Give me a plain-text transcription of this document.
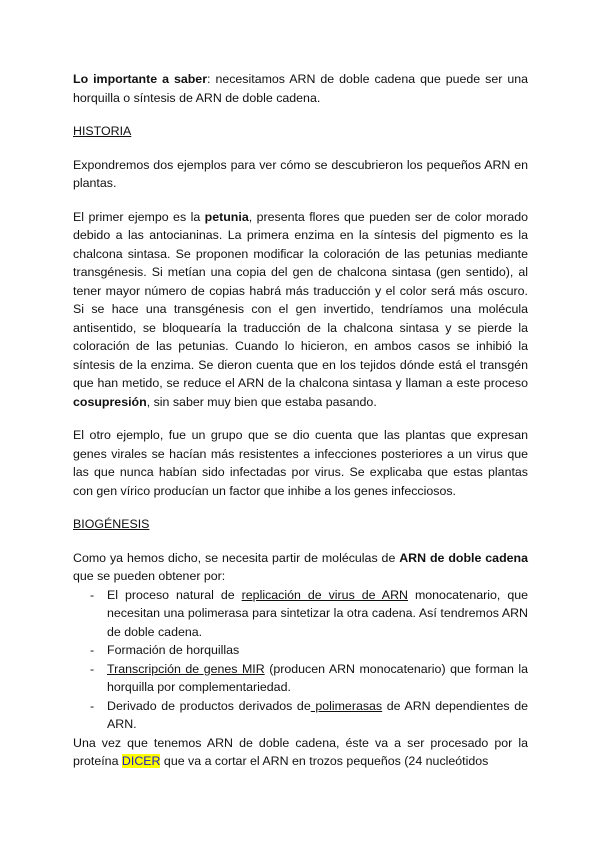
Lo importante a saber: necesitamos ARN de doble cadena que puede ser una horquilla o síntesis de ARN de doble cadena.

HISTORIA

Expondremos dos ejemplos para ver cómo se descubrieron los pequeños ARN en plantas.

El primer ejempo es la petunia, presenta flores que pueden ser de color morado debido a las antocianinas. La primera enzima en la síntesis del pigmento es la chalcona sintasa. Se proponen modificar la coloración de las petunias mediante transgénesis. Si metían una copia del gen de chalcona sintasa (gen sentido), al tener mayor número de copias habrá más traducción y el color será más oscuro. Si se hace una transgénesis con el gen invertido, tendríamos una molécula antisentido, se bloquearía la traducción de la chalcona sintasa y se pierde la coloración de las petunias. Cuando lo hicieron, en ambos casos se inhibió la síntesis de la enzima. Se dieron cuenta que en los tejidos dónde está el transgén que han metido, se reduce el ARN de la chalcona sintasa y llaman a este proceso cosupresión, sin saber muy bien que estaba pasando.

El otro ejemplo, fue un grupo que se dio cuenta que las plantas que expresan genes virales se hacían más resistentes a infecciones posteriores a un virus que las que nunca habían sido infectadas por virus. Se explicaba que estas plantas con gen vírico producían un factor que inhibe a los genes infecciosos.

BIOGÉNESIS

Como ya hemos dicho, se necesita partir de moléculas de ARN de doble cadena que se pueden obtener por:

- El proceso natural de replicación de virus de ARN monocatenario, que necesitan una polimerasa para sintetizar la otra cadena. Así tendremos ARN de doble cadena.
- Formación de horquillas
- Transcripción de genes MIR (producen ARN monocatenario) que forman la horquilla por complementariedad.
- Derivado de productos derivados de polimerasas de ARN dependientes de ARN.

Una vez que tenemos ARN de doble cadena, éste va a ser procesado por la proteína DICER que va a cortar el ARN en trozos pequeños (24 nucleótidos
